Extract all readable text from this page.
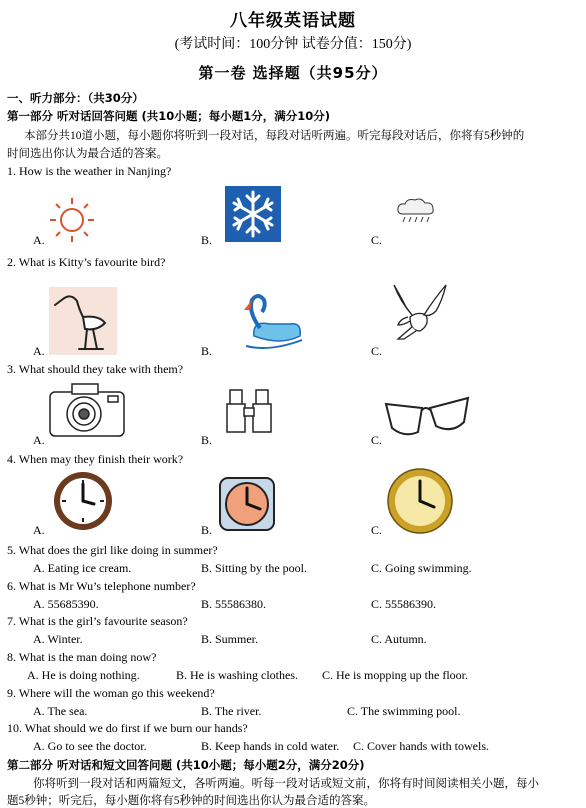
八年级英语试题
(考试时间：100分钟 试卷分值：150分)
第一卷 选择题（共95分）
一、听力部分：（共30分）
第一部分 听对话回答问题 (共10小题；每小题1分，满分10分)
本部分共10道小题，每小题你将听到一段对话，每段对话听两遍。听完每段对话后，你将有5秒钟的
时间选出你认为最合适的答案。
1. How is the weather in Nanjing?
A.	B.	C.
2. What is Kitty’s favourite bird?
A.	B.	C.
3. What should they take with them?
A.	B.	C.
4. When may they finish their work?
A.	B.	C.
5. What does the girl like doing in summer?
A. Eating ice cream.	B. Sitting by the pool.	C. Going swimming.
6. What is Mr Wu’s telephone number?
A. 55685390.	B. 55586380.	C. 55586390.
7. What is the girl’s favourite season?
A. Winter.	B. Summer.	C. Autumn.
8. What is the man doing now?
A. He is doing nothing.	B. He is washing clothes. C. He is mopping up the floor.
9. Where will the woman go this weekend?
A. The sea.	B. The river.	C. The swimming pool.
10. What should we do first if we burn our hands?
A. Go to see the doctor.	B. Keep hands in cold water. C. Cover hands with towels.
第二部分 听对话和短文回答问题 (共10小题；每小题2分，满分20分)
你将听到一段对话和两篇短文，各听两遍。听每一段对话或短文前，你将有时间阅读相关小题，每小
题5秒钟；听完后，每小题你将有5秒钟的时间选出你认为最合适的答案。
